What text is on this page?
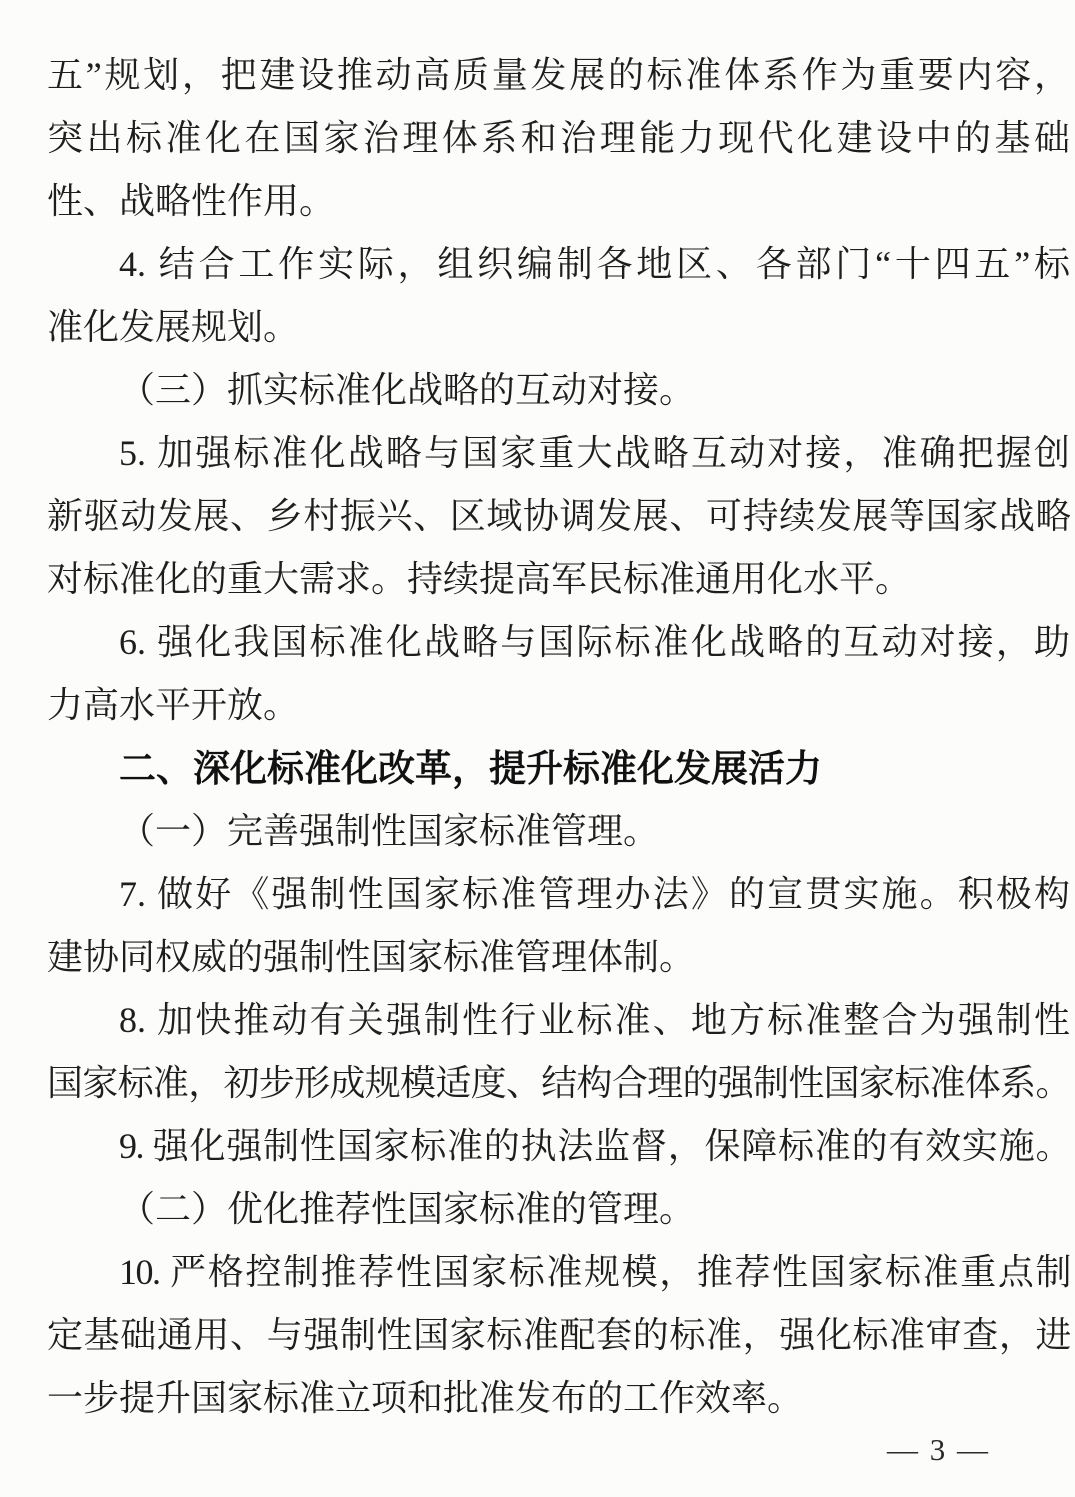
五”规划，把建设推动高质量发展的标准体系作为重要内容，
突出标准化在国家治理体系和治理能力现代化建设中的基础
性、战略性作用。
4. 结合工作实际，组织编制各地区、各部门“十四五”标
准化发展规划。
（三）抓实标准化战略的互动对接。
5. 加强标准化战略与国家重大战略互动对接，准确把握创
新驱动发展、乡村振兴、区域协调发展、可持续发展等国家战略
对标准化的重大需求。持续提高军民标准通用化水平。
6. 强化我国标准化战略与国际标准化战略的互动对接，助
力高水平开放。
二、深化标准化改革，提升标准化发展活力
（一）完善强制性国家标准管理。
7. 做好《强制性国家标准管理办法》的宣贯实施。积极构
建协同权威的强制性国家标准管理体制。
8. 加快推动有关强制性行业标准、地方标准整合为强制性
国家标准，初步形成规模适度、结构合理的强制性国家标准体系。
9. 强化强制性国家标准的执法监督，保障标准的有效实施。
（二）优化推荐性国家标准的管理。
10. 严格控制推荐性国家标准规模，推荐性国家标准重点制
定基础通用、与强制性国家标准配套的标准，强化标准审查，进
一步提升国家标准立项和批准发布的工作效率。
— 3 —
